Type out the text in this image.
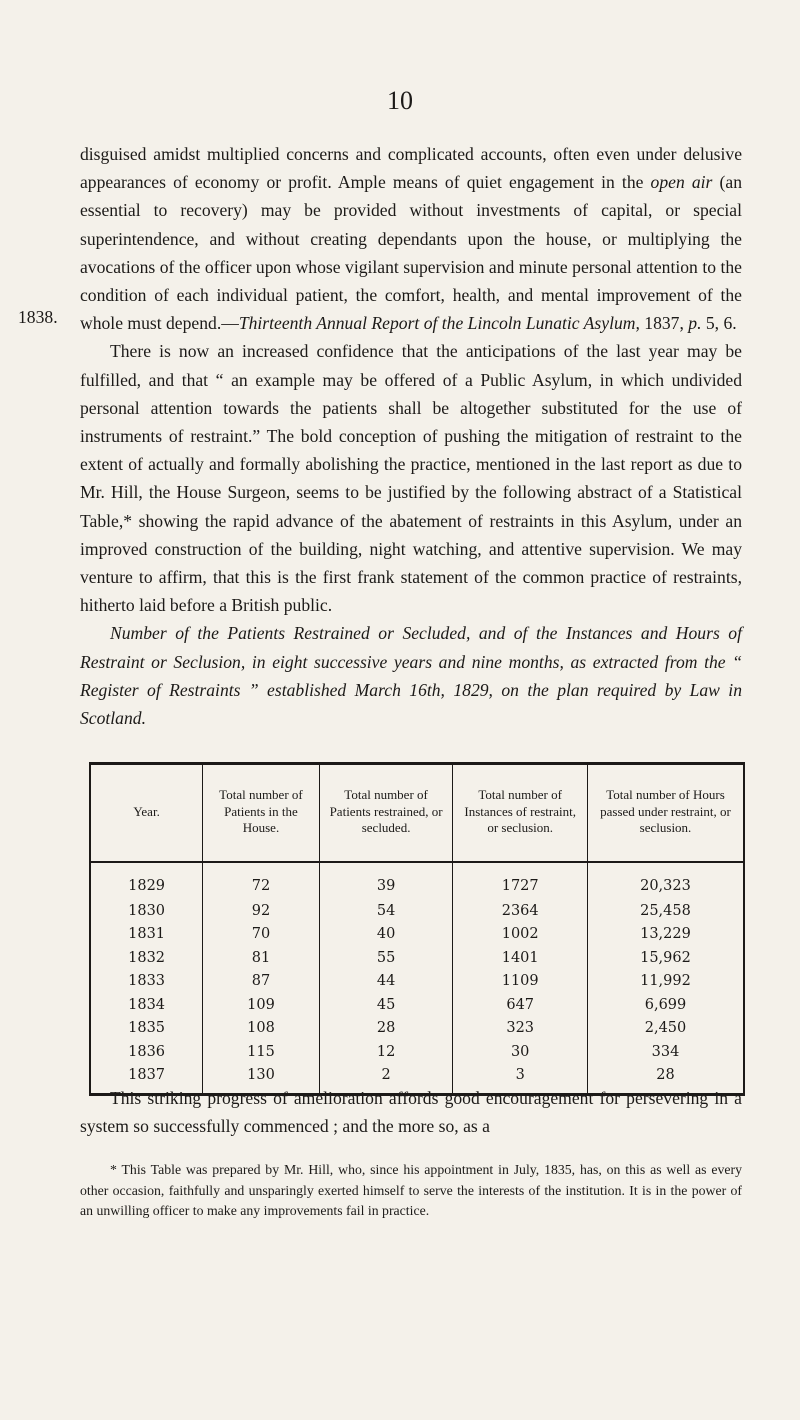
10

disguised amidst multiplied concerns and complicated accounts, often even under delusive appearances of economy or profit. Ample means of quiet engagement in the open air (an essential to recovery) may be provided without investments of capital, or special superintendence, and without creating dependants upon the house, or multiplying the avocations of the officer upon whose vigilant supervision and minute personal attention to the condition of each individual patient, the comfort, health, and mental improvement of the whole must depend.—Thirteenth Annual Report of the Lincoln Lunatic Asylum, 1837, p. 5, 6.

There is now an increased confidence that the anticipations of the last year may be fulfilled, and that “ an example may be offered of a Public Asylum, in which undivided personal attention towards the patients shall be altogether substituted for the use of instruments of restraint.” The bold conception of pushing the mitigation of restraint to the extent of actually and formally abolishing the practice, mentioned in the last report as due to Mr. Hill, the House Surgeon, seems to be justified by the following abstract of a Statistical Table,* showing the rapid advance of the abatement of restraints in this Asylum, under an improved construction of the building, night watching, and attentive supervision. We may venture to affirm, that this is the first frank statement of the common practice of restraints, hitherto laid before a British public.

Number of the Patients Restrained or Secluded, and of the Instances and Hours of Restraint or Seclusion, in eight successive years and nine months, as extracted from the “ Register of Restraints ” established March 16th, 1829, on the plan required by Law in Scotland.

1838.
Year.	Total number of Patients in the House.	Total number of Patients restrained, or secluded.	Total number of Instances of restraint, or seclusion.	Total number of Hours passed under restraint, or seclusion.
1829	72	39	1727	20,323
1830	92	54	2364	25,458
1831	70	40	1002	13,229
1832	81	55	1401	15,962
1833	87	44	1109	11,992
1834	109	45	647	6,699
1835	108	28	323	2,450
1836	115	12	30	334
1837	130	2	3	28

This striking progress of amelioration affords good encouragement for persevering in a system so successfully commenced ; and the more so, as a

* This Table was prepared by Mr. Hill, who, since his appointment in July, 1835, has, on this as well as every other occasion, faithfully and unsparingly exerted himself to serve the interests of the institution. It is in the power of an unwilling officer to make any improvements fail in practice.
